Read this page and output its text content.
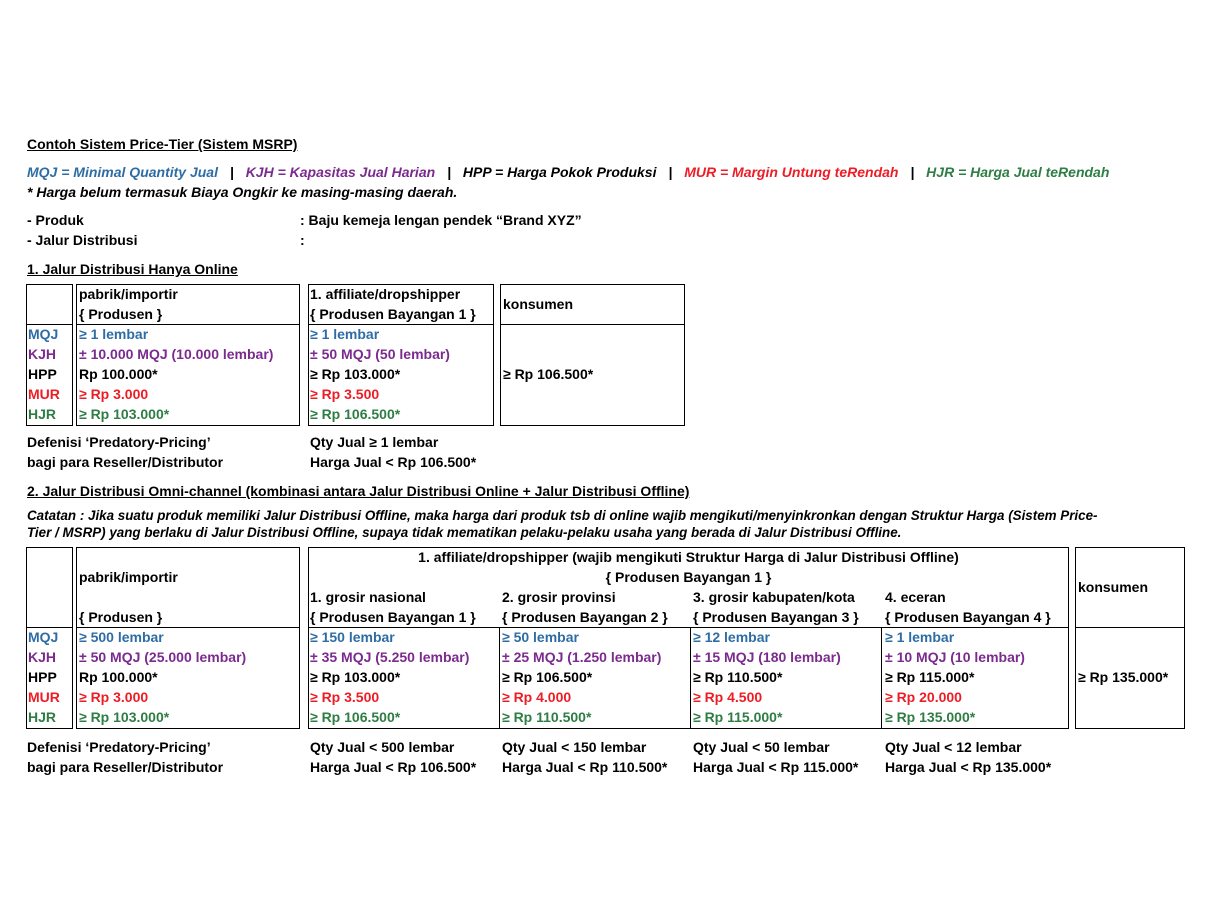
Contoh Sistem Price-Tier (Sistem MSRP)
MQJ = Minimal Quantity Jual | KJH = Kapasitas Jual Harian | HPP = Harga Pokok Produksi | MUR = Margin Untung teRendah | HJR = Harga Jual teRendah
* Harga belum termasuk Biaya Ongkir ke masing-masing daerah.
- Produk	: Baju kemeja lengan pendek “Brand XYZ”
- Jalur Distribusi	:
1. Jalur Distribusi Hanya Online
MQJ
KJH
HPP
MUR
HJR
pabrik/importir
{ Produsen }
≥ 1 lembar
± 10.000 MQJ (10.000 lembar)
Rp 100.000*
≥ Rp 3.000
≥ Rp 103.000*
1. affiliate/dropshipper
{ Produsen Bayangan 1 }
≥ 1 lembar
± 50 MQJ (50 lembar)
≥ Rp 103.000*
≥ Rp 3.500
≥ Rp 106.500*
konsumen
≥ Rp 106.500*
Defenisi ‘Predatory-Pricing’
bagi para Reseller/Distributor
Qty Jual ≥ 1 lembar
Harga Jual < Rp 106.500*
2. Jalur Distribusi Omni-channel (kombinasi antara Jalur Distribusi Online + Jalur Distribusi Offline)
Catatan : Jika suatu produk memiliki Jalur Distribusi Offline, maka harga dari produk tsb di online wajib mengikuti/menyinkronkan dengan Struktur Harga (Sistem Price-
Tier / MSRP) yang berlaku di Jalur Distribusi Offline, supaya tidak mematikan pelaku-pelaku usaha yang berada di Jalur Distribusi Offline.
MQJ
KJH
HPP
MUR
HJR
pabrik/importir
{ Produsen }
≥ 500 lembar
± 50 MQJ (25.000 lembar)
Rp 100.000*
≥ Rp 3.000
≥ Rp 103.000*
1. affiliate/dropshipper (wajib mengikuti Struktur Harga di Jalur Distribusi Offline)
{ Produsen Bayangan 1 }
1. grosir nasional
{ Produsen Bayangan 1 }
2. grosir provinsi
{ Produsen Bayangan 2 }
3. grosir kabupaten/kota
{ Produsen Bayangan 3 }
4. eceran
{ Produsen Bayangan 4 }
≥ 150 lembar
± 35 MQJ (5.250 lembar)
≥ Rp 103.000*
≥ Rp 3.500
≥ Rp 106.500*
≥ 50 lembar
± 25 MQJ (1.250 lembar)
≥ Rp 106.500*
≥ Rp 4.000
≥ Rp 110.500*
≥ 12 lembar
± 15 MQJ (180 lembar)
≥ Rp 110.500*
≥ Rp 4.500
≥ Rp 115.000*
≥ 1 lembar
± 10 MQJ (10 lembar)
≥ Rp 115.000*
≥ Rp 20.000
≥ Rp 135.000*
konsumen
≥ Rp 135.000*
Defenisi ‘Predatory-Pricing’
bagi para Reseller/Distributor
Qty Jual < 500 lembar
Harga Jual < Rp 106.500*
Qty Jual < 150 lembar
Harga Jual < Rp 110.500*
Qty Jual < 50 lembar
Harga Jual < Rp 115.000*
Qty Jual < 12 lembar
Harga Jual < Rp 135.000*
